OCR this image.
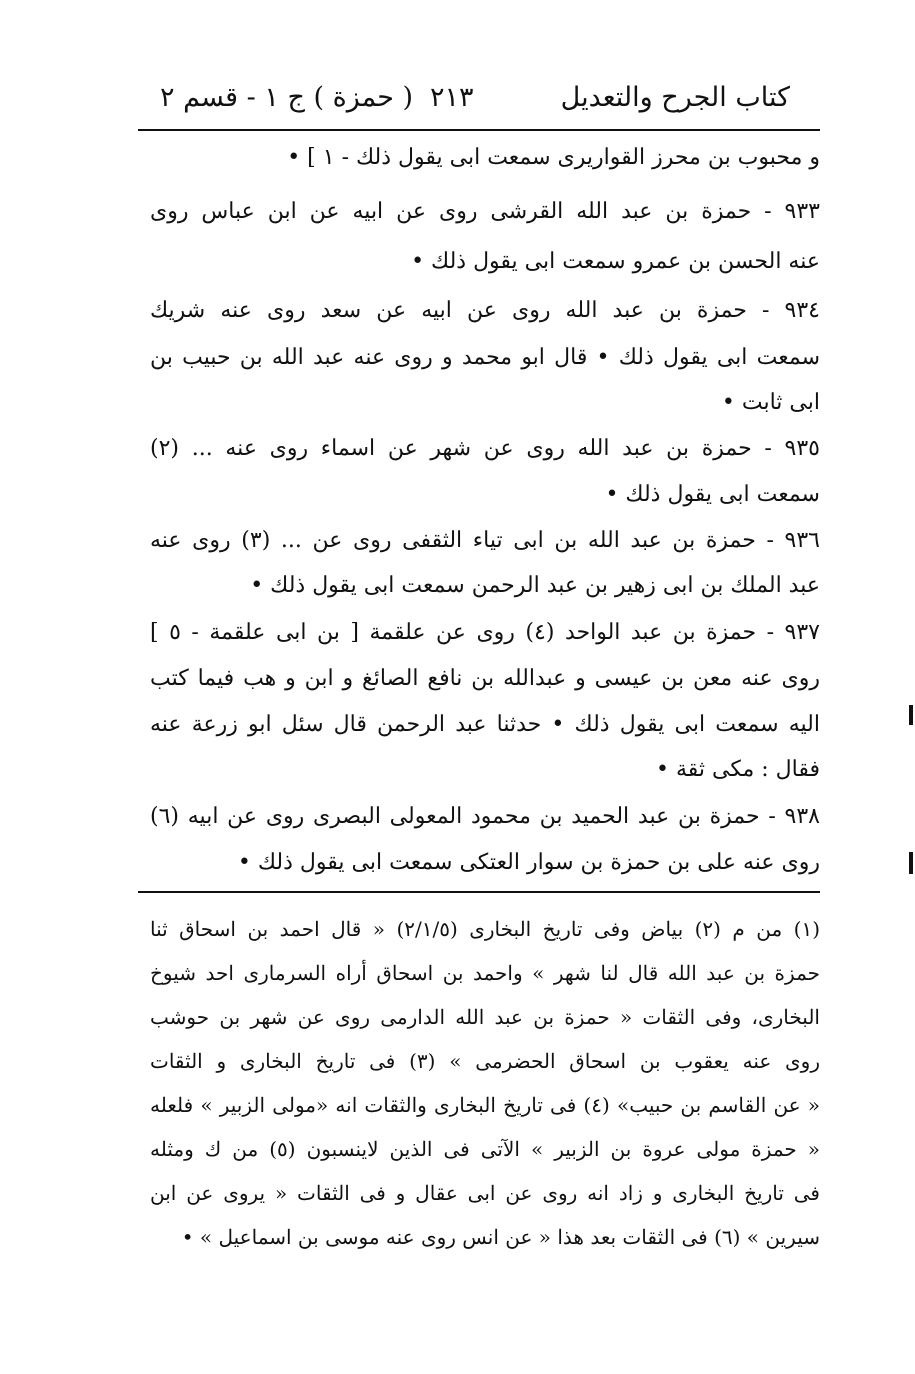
كتاب الجرح والتعديل
٢١٣
( حمزة ) ج ١ - قسم ٢
و محبوب بن محرز القواريرى سمعت ابى يقول ذلك - ١ ] •
٩٣٣ - حمزة بن عبد الله القرشى روى عن ابيه عن ابن عباس روى
عنه الحسن بن عمرو سمعت ابى يقول ذلك •
٩٣٤ - حمزة بن عبد الله روى عن ابيه عن سعد روى عنه شريك
سمعت ابى يقول ذلك • قال ابو محمد و روى عنه عبد الله بن حبيب بن
ابى ثابت •
٩٣٥ - حمزة بن عبد الله روى عن شهر عن اسماء روى عنه ... (٢)
سمعت ابى يقول ذلك •
٩٣٦ - حمزة بن عبد الله بن ابى تياء الثقفى روى عن ... (٣) روى عنه
عبد الملك بن ابى زهير بن عبد الرحمن سمعت ابى يقول ذلك •
٩٣٧ - حمزة بن عبد الواحد (٤) روى عن علقمة [ بن ابى علقمة - ٥ ]
روى عنه معن بن عيسى و عبدالله بن نافع الصائغ و ابن و هب فيما كتب
اليه سمعت ابى يقول ذلك • حدثنا عبد الرحمن قال سئل ابو زرعة عنه
فقال : مكى ثقة •
٩٣٨ - حمزة بن عبد الحميد بن محمود المعولى البصرى روى عن ابيه (٦)
روى عنه على بن حمزة بن سوار العتكى سمعت ابى يقول ذلك •
(١) من م (٢) بياض وفى تاريخ البخارى (٢/١/٥) « قال احمد بن اسحاق ثنا
حمزة بن عبد الله قال لنا شهر » واحمد بن اسحاق أراه السرمارى احد شيوخ
البخارى، وفى الثقات « حمزة بن عبد الله الدارمى روى عن شهر بن حوشب
روى عنه يعقوب بن اسحاق الحضرمى » (٣) فى تاريخ البخارى و الثقات
« عن القاسم بن حبيب» (٤) فى تاريخ البخارى والثقات انه «مولى الزبير » فلعله
« حمزة مولى عروة بن الزبير » الآتى فى الذين لاينسبون (٥) من ك ومثله
فى تاريخ البخارى و زاد انه روى عن ابى عقال و فى الثقات « يروى عن ابن
سيرين » (٦) فى الثقات بعد هذا « عن انس روى عنه موسى بن اسماعيل » •
